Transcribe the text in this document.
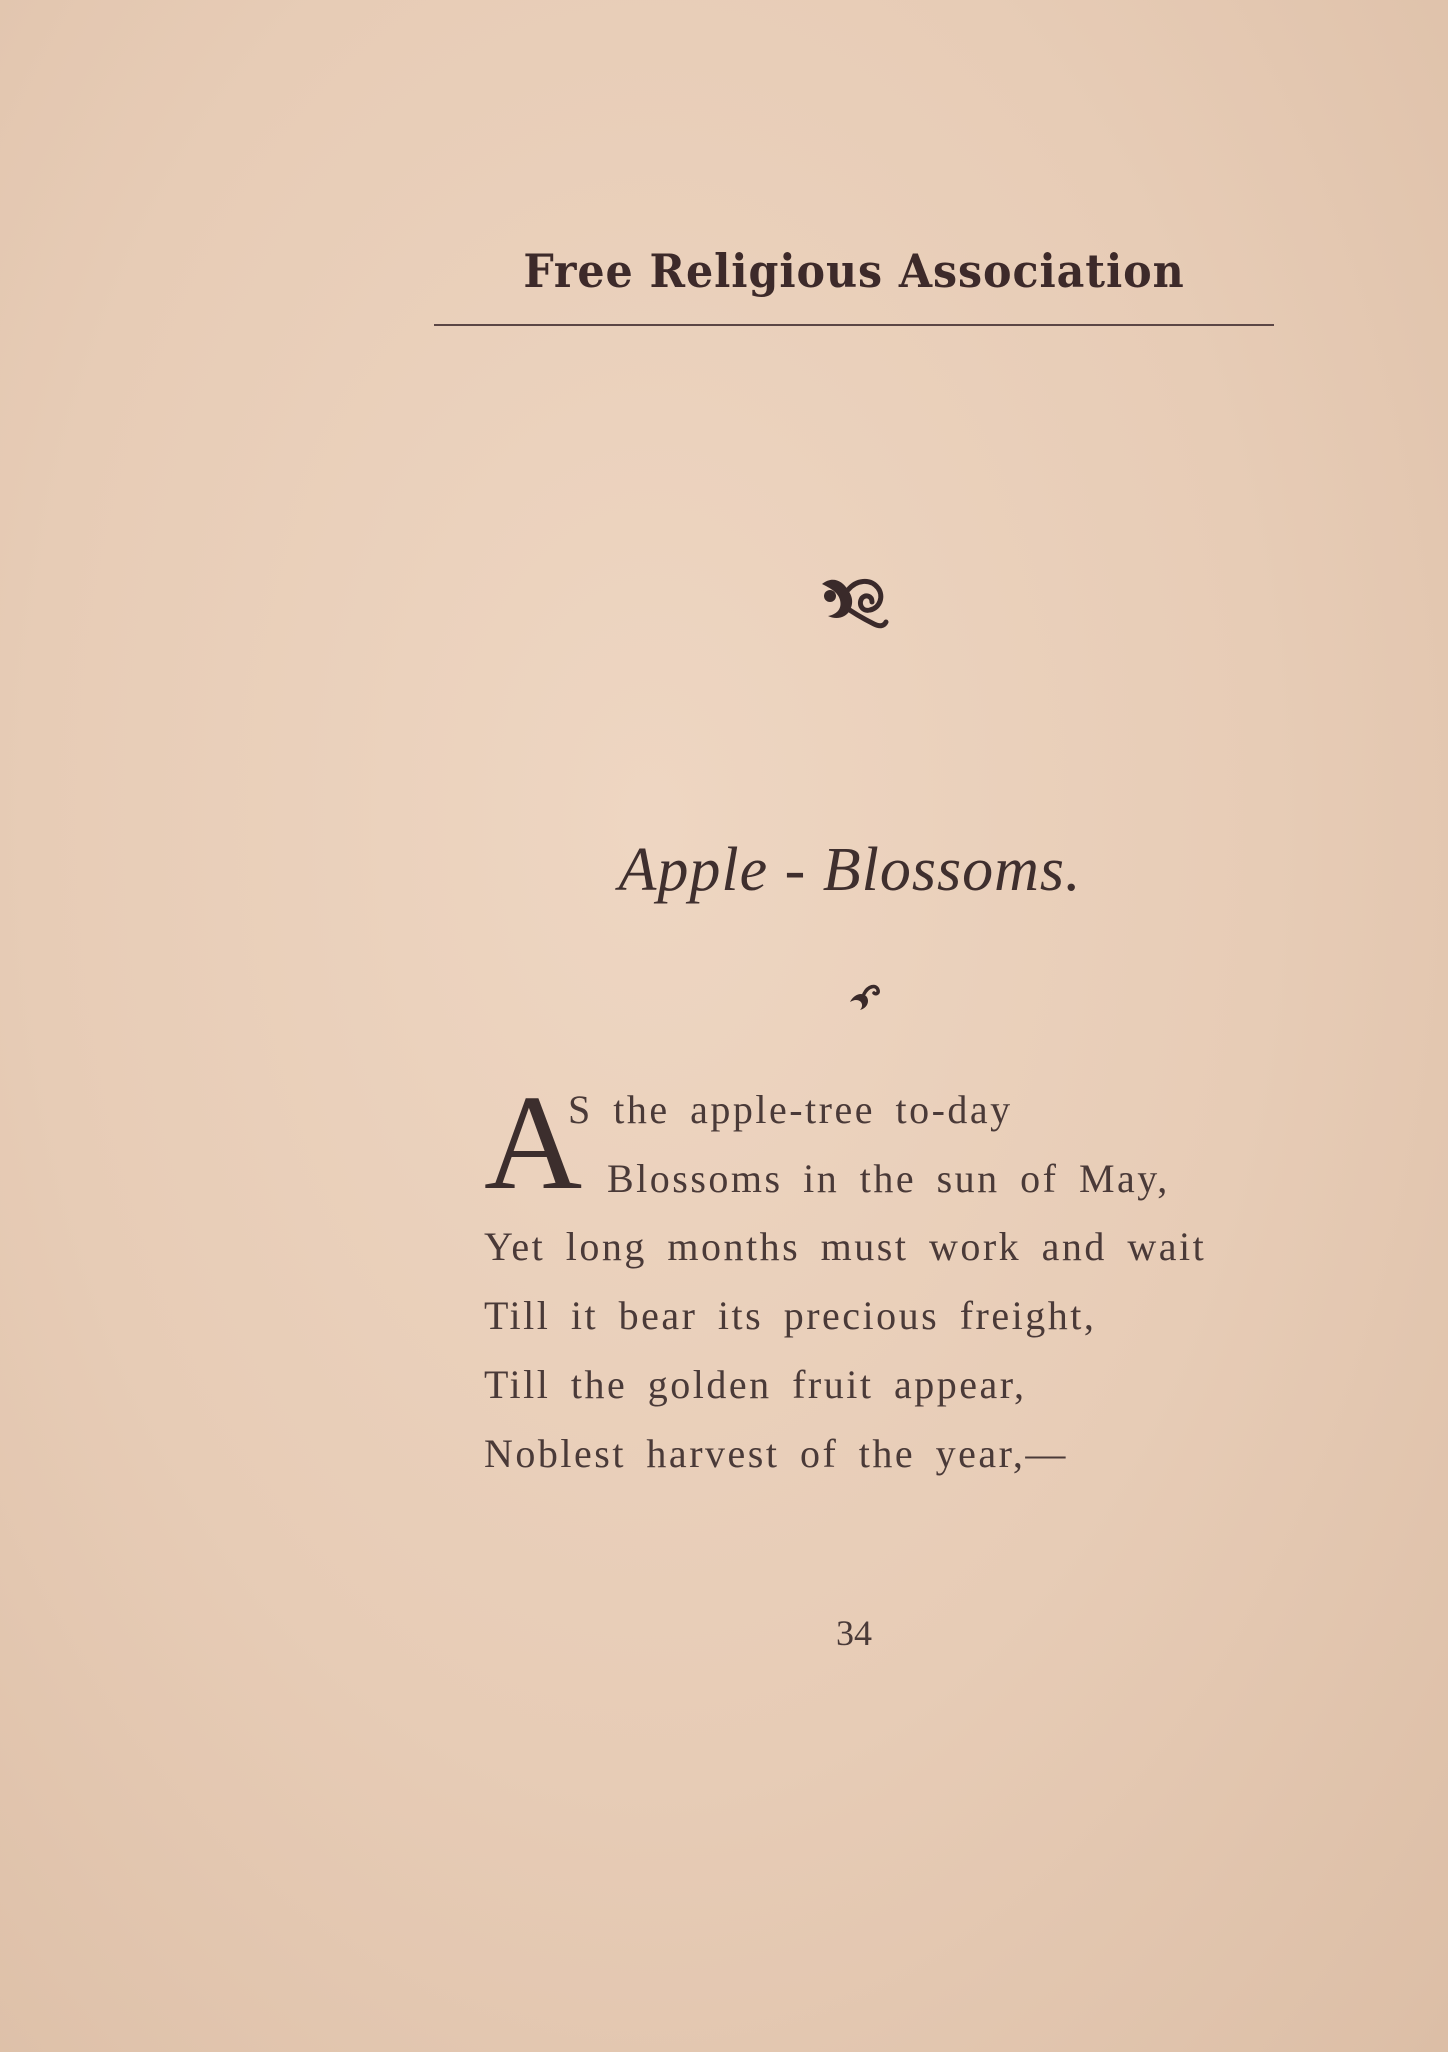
Free Religious Association
Apple - Blossoms.
A
S the apple-tree to-day
Blossoms in the sun of May,
Yet long months must work and wait
Till it bear its precious freight,
Till the golden fruit appear,
Noblest harvest of the year,—
34
